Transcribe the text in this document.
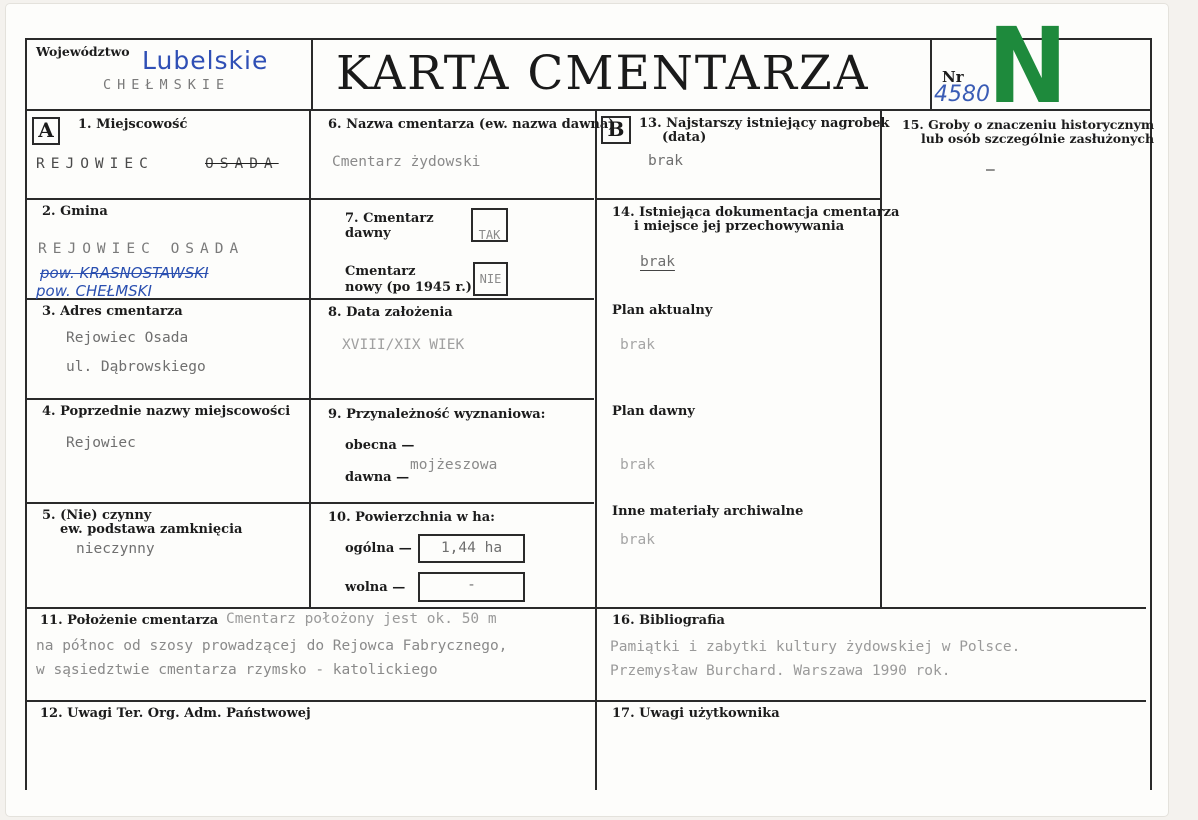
Województwo Lubelskie
CHEŁMSKIE KARTA CMENTARZA	Nr
4580
N
A	1. Miejscowość
REJOWIEC	OSADA
2. Gmina
REJOWIEC OSADA
pow. KRASNOSTAWSKI
pow. CHEŁMSKI
3. Adres cmentarza
Rejowiec Osada
ul. Dąbrowskiego
4. Poprzednie nazwy miejscowości
Rejowiec
5. (Nie) czynny
ew. podstawa zamknięcia
nieczynny
6. Nazwa cmentarza (ew. nazwa dawna)
Cmentarz żydowski
7. Cmentarz
dawny	TAK
Cmentarz
nowy (po 1945 r.)
NIE
8. Data założenia
XVIII/XIX WIEK
9. Przynależność wyznaniowa:
obecna —
dawna —
mojżeszowa
10. Powierzchnia w ha:
ogólna —	1,44 ha
wolna —	-
B	13. Najstarszy istniejący nagrobek
(data)
brak
14. Istniejąca dokumentacja cmentarza
i miejsce jej przechowywania
brak
Plan aktualny
brak
Plan dawny
brak
Inne materiały archiwalne
brak
15. Groby o znaczeniu historycznym
lub osób szczególnie zasłużonych
—
11. Położenie cmentarza Cmentarz położony jest ok. 50 m
na północ od szosy prowadzącej do Rejowca Fabrycznego,
w sąsiedztwie cmentarza rzymsko - katolickiego
16. Bibliografia
Pamiątki i zabytki kultury żydowskiej w Polsce.
Przemysław Burchard. Warszawa 1990 rok.
12. Uwagi Ter. Org. Adm. Państwowej	17. Uwagi użytkownika
